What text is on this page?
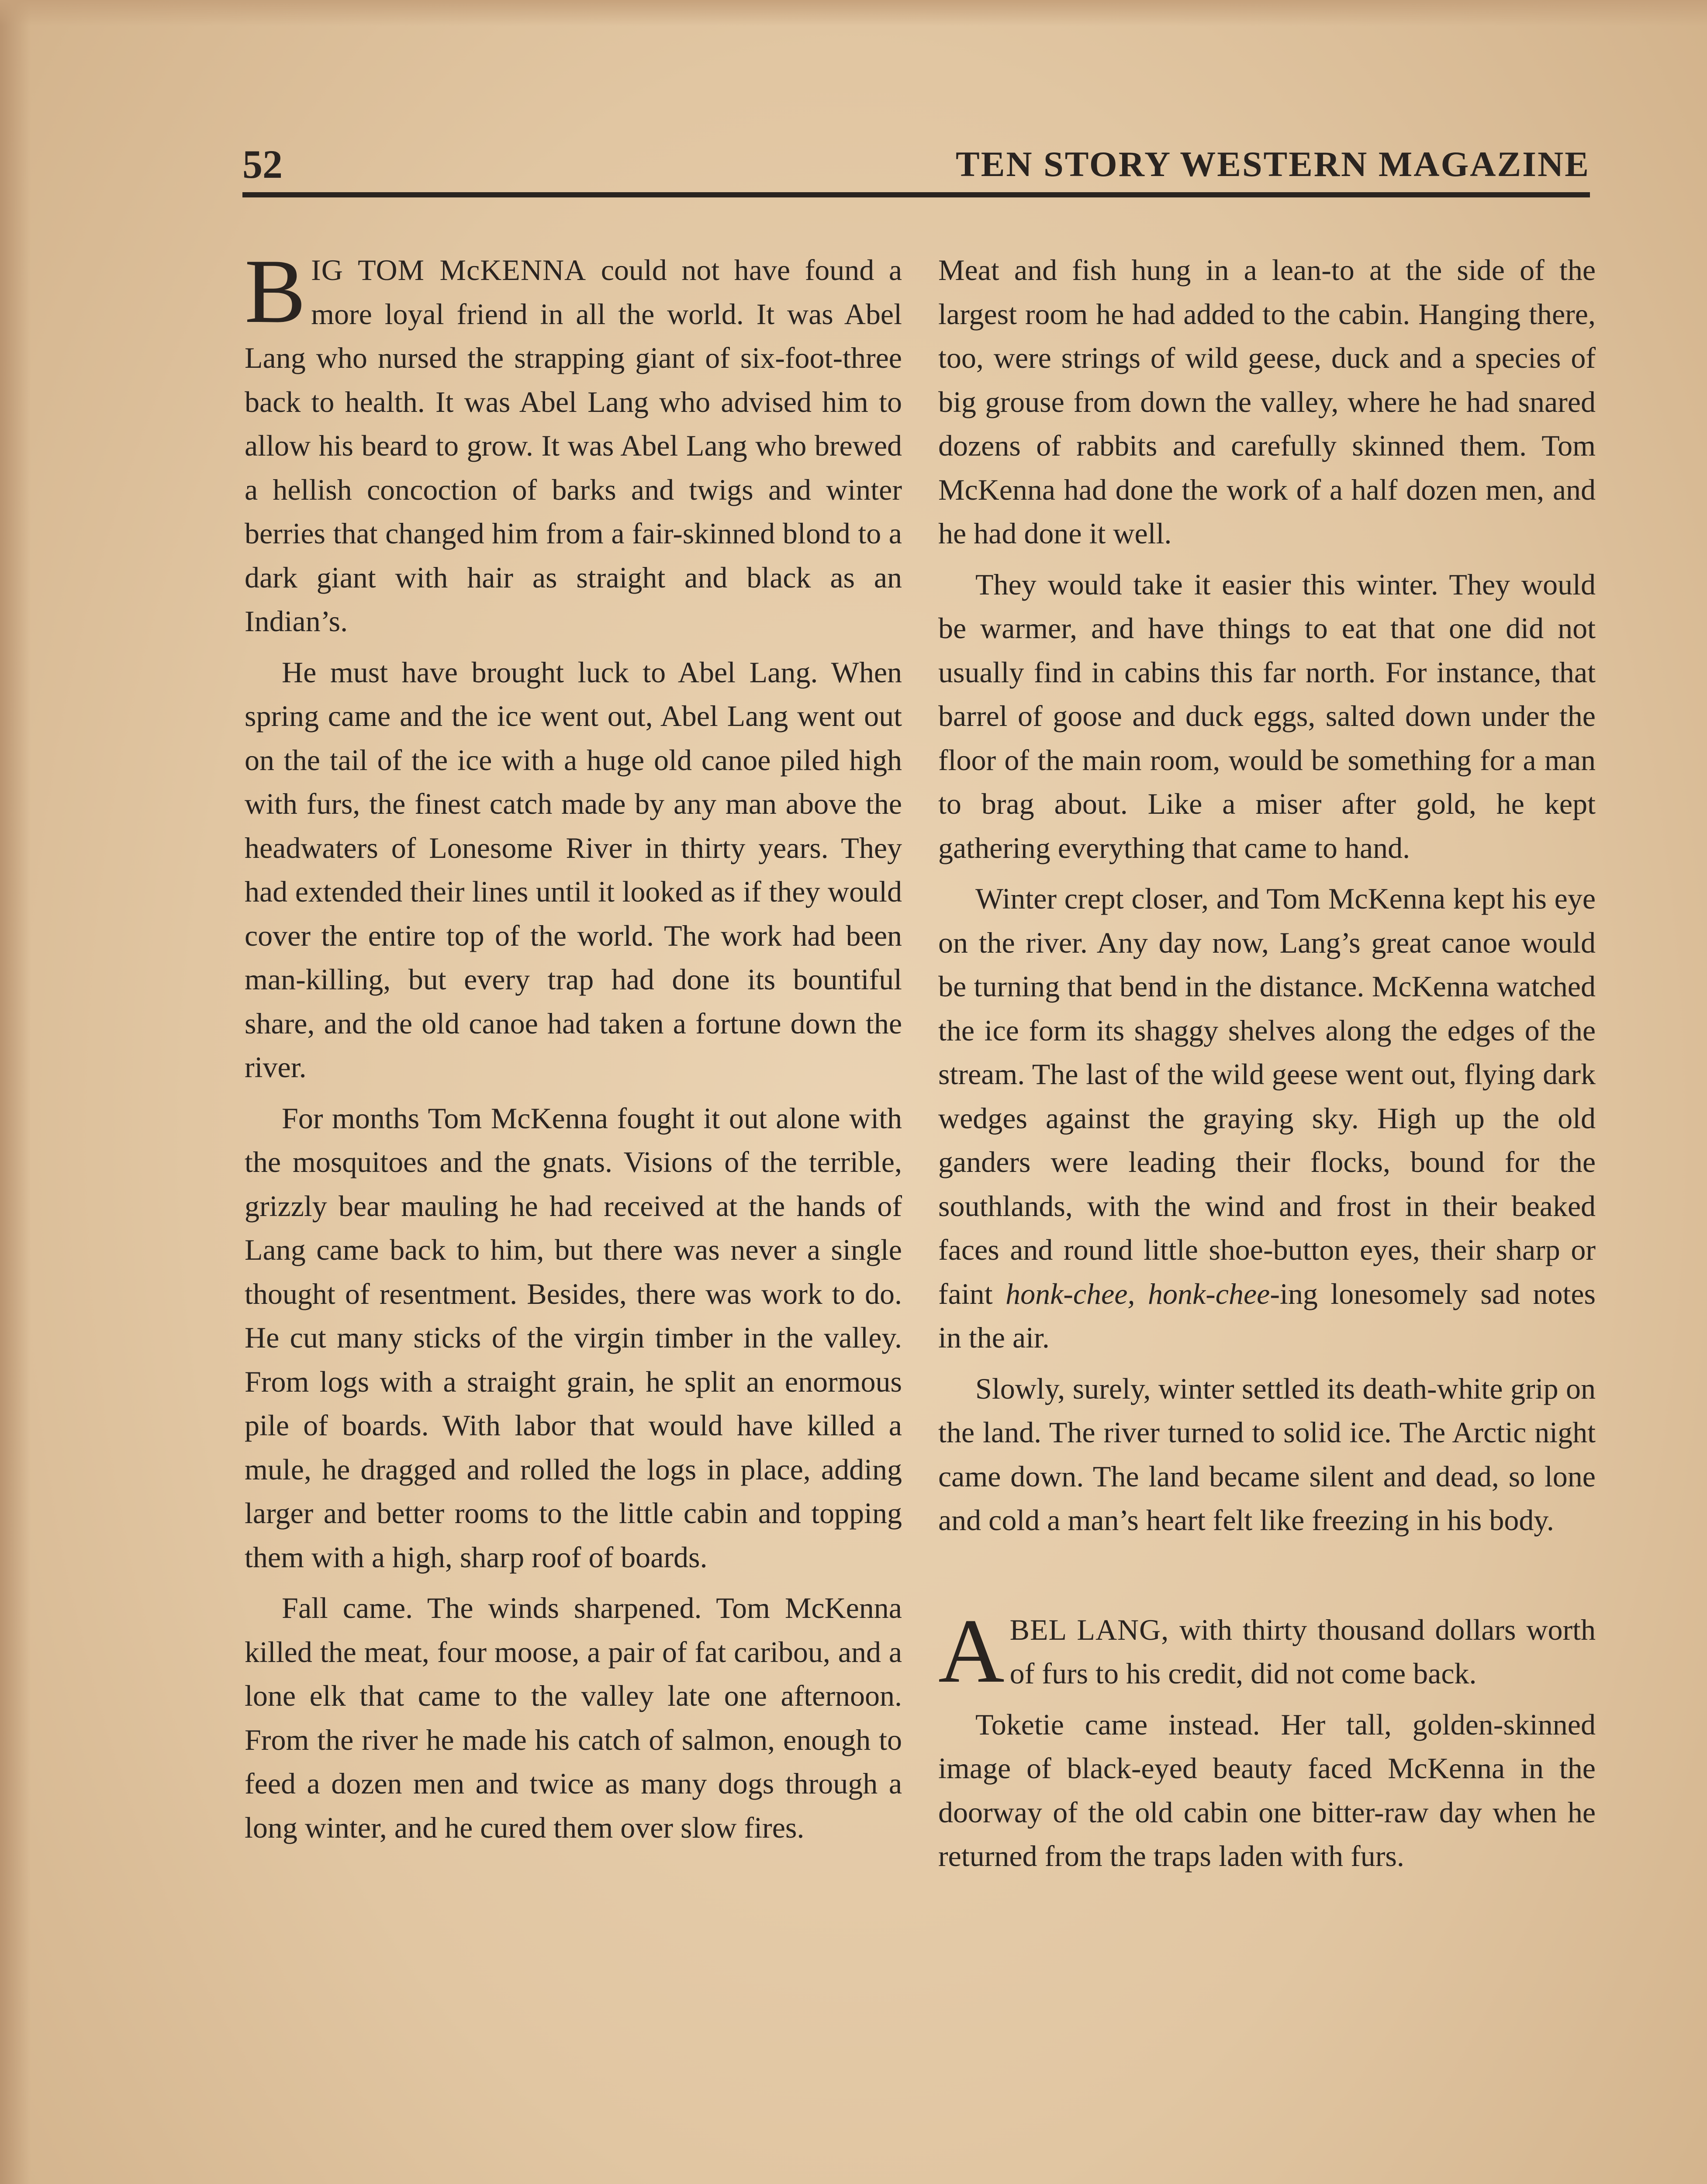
52	TEN STORY WESTERN MAGAZINE

BIG TOM McKENNA could not have found a more loyal friend in all the world. It was Abel Lang who nursed the strapping giant of six-foot-three back to health. It was Abel Lang who advised him to allow his beard to grow. It was Abel Lang who brewed a hellish concoction of barks and twigs and winter berries that changed him from a fair-skinned blond to a dark giant with hair as straight and black as an Indian’s.

He must have brought luck to Abel Lang. When spring came and the ice went out, Abel Lang went out on the tail of the ice with a huge old canoe piled high with furs, the finest catch made by any man above the headwaters of Lonesome River in thirty years. They had extended their lines until it looked as if they would cover the entire top of the world. The work had been man-killing, but every trap had done its bountiful share, and the old canoe had taken a fortune down the river.

For months Tom McKenna fought it out alone with the mosquitoes and the gnats. Visions of the terrible, grizzly bear mauling he had received at the hands of Lang came back to him, but there was never a single thought of resentment. Besides, there was work to do. He cut many sticks of the virgin timber in the valley. From logs with a straight grain, he split an enormous pile of boards. With labor that would have killed a mule, he dragged and rolled the logs in place, adding larger and better rooms to the little cabin and topping them with a high, sharp roof of boards.

Fall came. The winds sharpened. Tom McKenna killed the meat, four moose, a pair of fat caribou, and a lone elk that came to the valley late one afternoon. From the river he made his catch of salmon, enough to feed a dozen men and twice as many dogs through a long winter, and he cured them over slow fires.

Meat and fish hung in a lean-to at the side of the largest room he had added to the cabin. Hanging there, too, were strings of wild geese, duck and a species of big grouse from down the valley, where he had snared dozens of rabbits and carefully skinned them. Tom McKenna had done the work of a half dozen men, and he had done it well.

They would take it easier this winter. They would be warmer, and have things to eat that one did not usually find in cabins this far north. For instance, that barrel of goose and duck eggs, salted down under the floor of the main room, would be something for a man to brag about. Like a miser after gold, he kept gathering everything that came to hand.

Winter crept closer, and Tom McKenna kept his eye on the river. Any day now, Lang’s great canoe would be turning that bend in the distance. McKenna watched the ice form its shaggy shelves along the edges of the stream. The last of the wild geese went out, flying dark wedges against the graying sky. High up the old ganders were leading their flocks, bound for the southlands, with the wind and frost in their beaked faces and round little shoe-button eyes, their sharp or faint honk-chee, honk-chee-ing lonesomely sad notes in the air.

Slowly, surely, winter settled its death-white grip on the land. The river turned to solid ice. The Arctic night came down. The land became silent and dead, so lone and cold a man’s heart felt like freezing in his body.

ABEL LANG, with thirty thousand dollars worth of furs to his credit, did not come back.

Toketie came instead. Her tall, golden-skinned image of black-eyed beauty faced McKenna in the doorway of the old cabin one bitter-raw day when he returned from the traps laden with furs.
